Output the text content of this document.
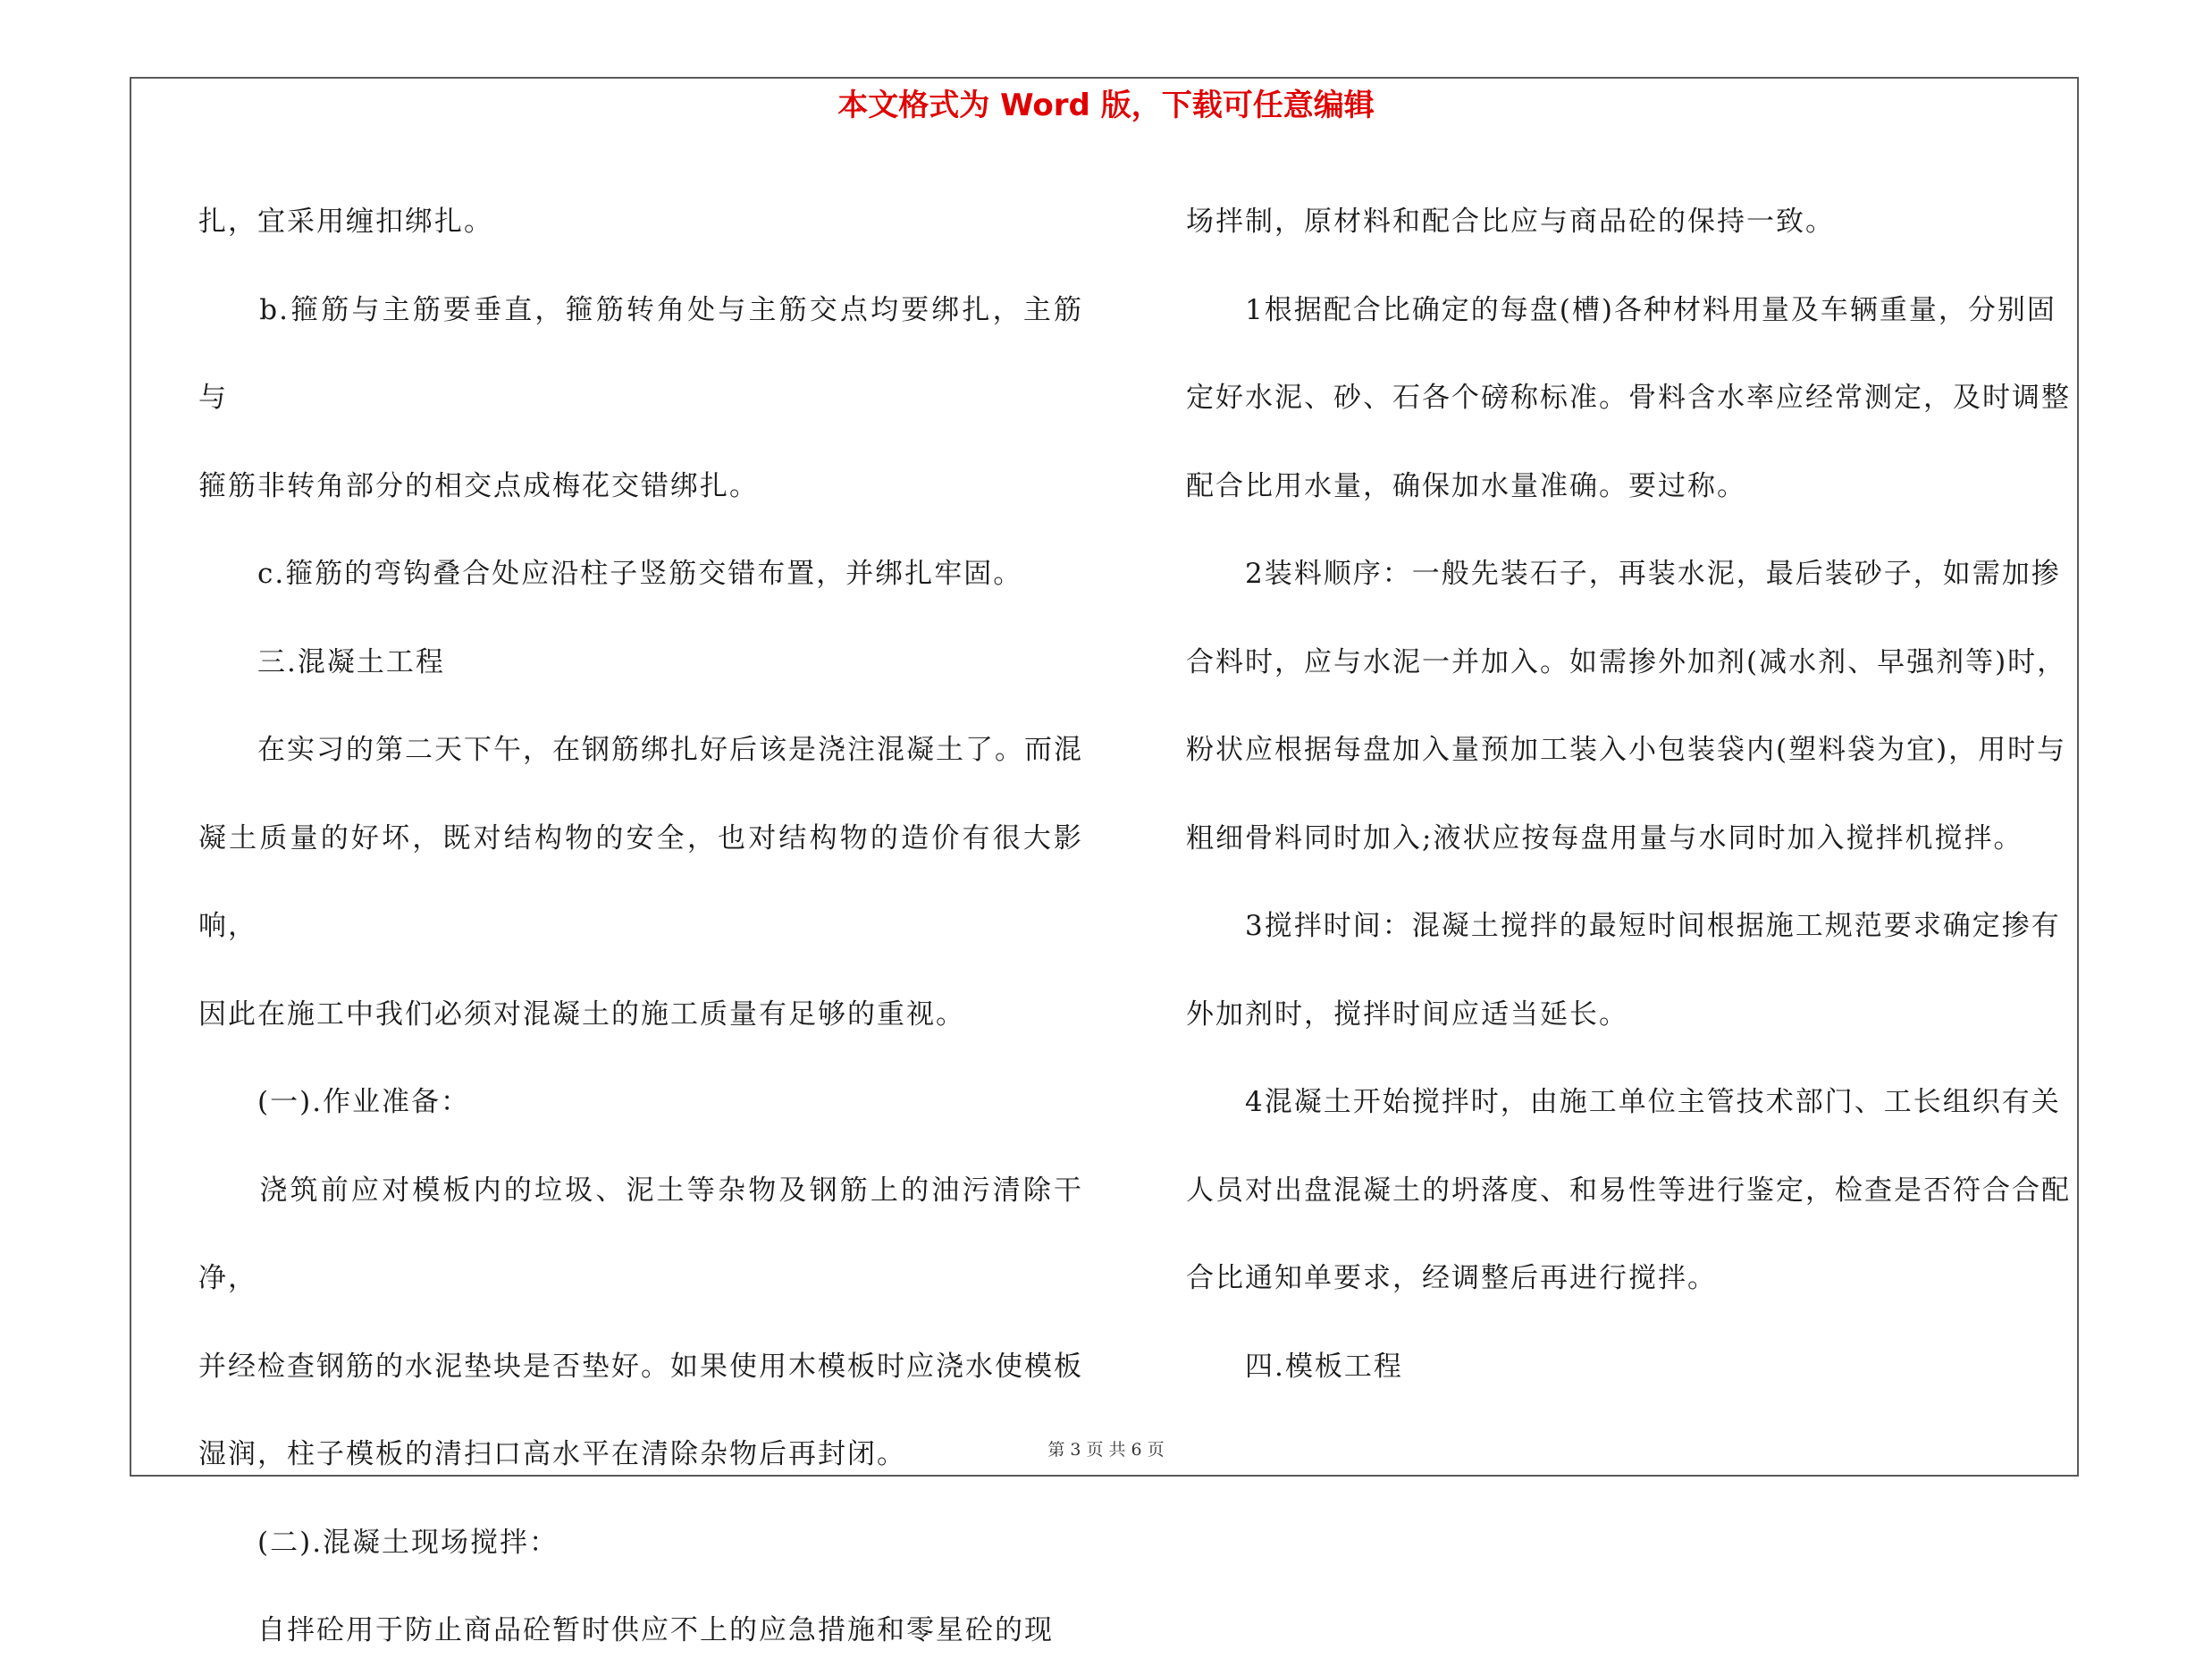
本文格式为 Word 版，下载可任意编辑

扎，宜采用缠扣绑扎。

　　b.箍筋与主筋要垂直，箍筋转角处与主筋交点均要绑扎，主筋与

箍筋非转角部分的相交点成梅花交错绑扎。

　　c.箍筋的弯钩叠合处应沿柱子竖筋交错布置，并绑扎牢固。

　　三.混凝土工程

　　在实习的第二天下午，在钢筋绑扎好后该是浇注混凝土了。而混

凝土质量的好坏，既对结构物的安全，也对结构物的造价有很大影响，

因此在施工中我们必须对混凝土的施工质量有足够的重视。

　　(一).作业准备：

　　浇筑前应对模板内的垃圾、泥土等杂物及钢筋上的油污清除干净，

并经检查钢筋的水泥垫块是否垫好。如果使用木模板时应浇水使模板

湿润，柱子模板的清扫口高水平在清除杂物后再封闭。

　　(二).混凝土现场搅拌：

　　自拌砼用于防止商品砼暂时供应不上的应急措施和零星砼的现

场拌制，原材料和配合比应与商品砼的保持一致。

　　1根据配合比确定的每盘(槽)各种材料用量及车辆重量，分别固

定好水泥、砂、石各个磅称标准。骨料含水率应经常测定，及时调整

配合比用水量，确保加水量准确。要过称。

　　2装料顺序：一般先装石子，再装水泥，最后装砂子，如需加掺

合料时，应与水泥一并加入。如需掺外加剂(减水剂、早强剂等)时，

粉状应根据每盘加入量预加工装入小包装袋内(塑料袋为宜)，用时与

粗细骨料同时加入;液状应按每盘用量与水同时加入搅拌机搅拌。

　　3搅拌时间：混凝土搅拌的最短时间根据施工规范要求确定掺有

外加剂时，搅拌时间应适当延长。

　　4混凝土开始搅拌时，由施工单位主管技术部门、工长组织有关

人员对出盘混凝土的坍落度、和易性等进行鉴定，检查是否符合合配

合比通知单要求，经调整后再进行搅拌。

　　四.模板工程

第 3 页 共 6 页
